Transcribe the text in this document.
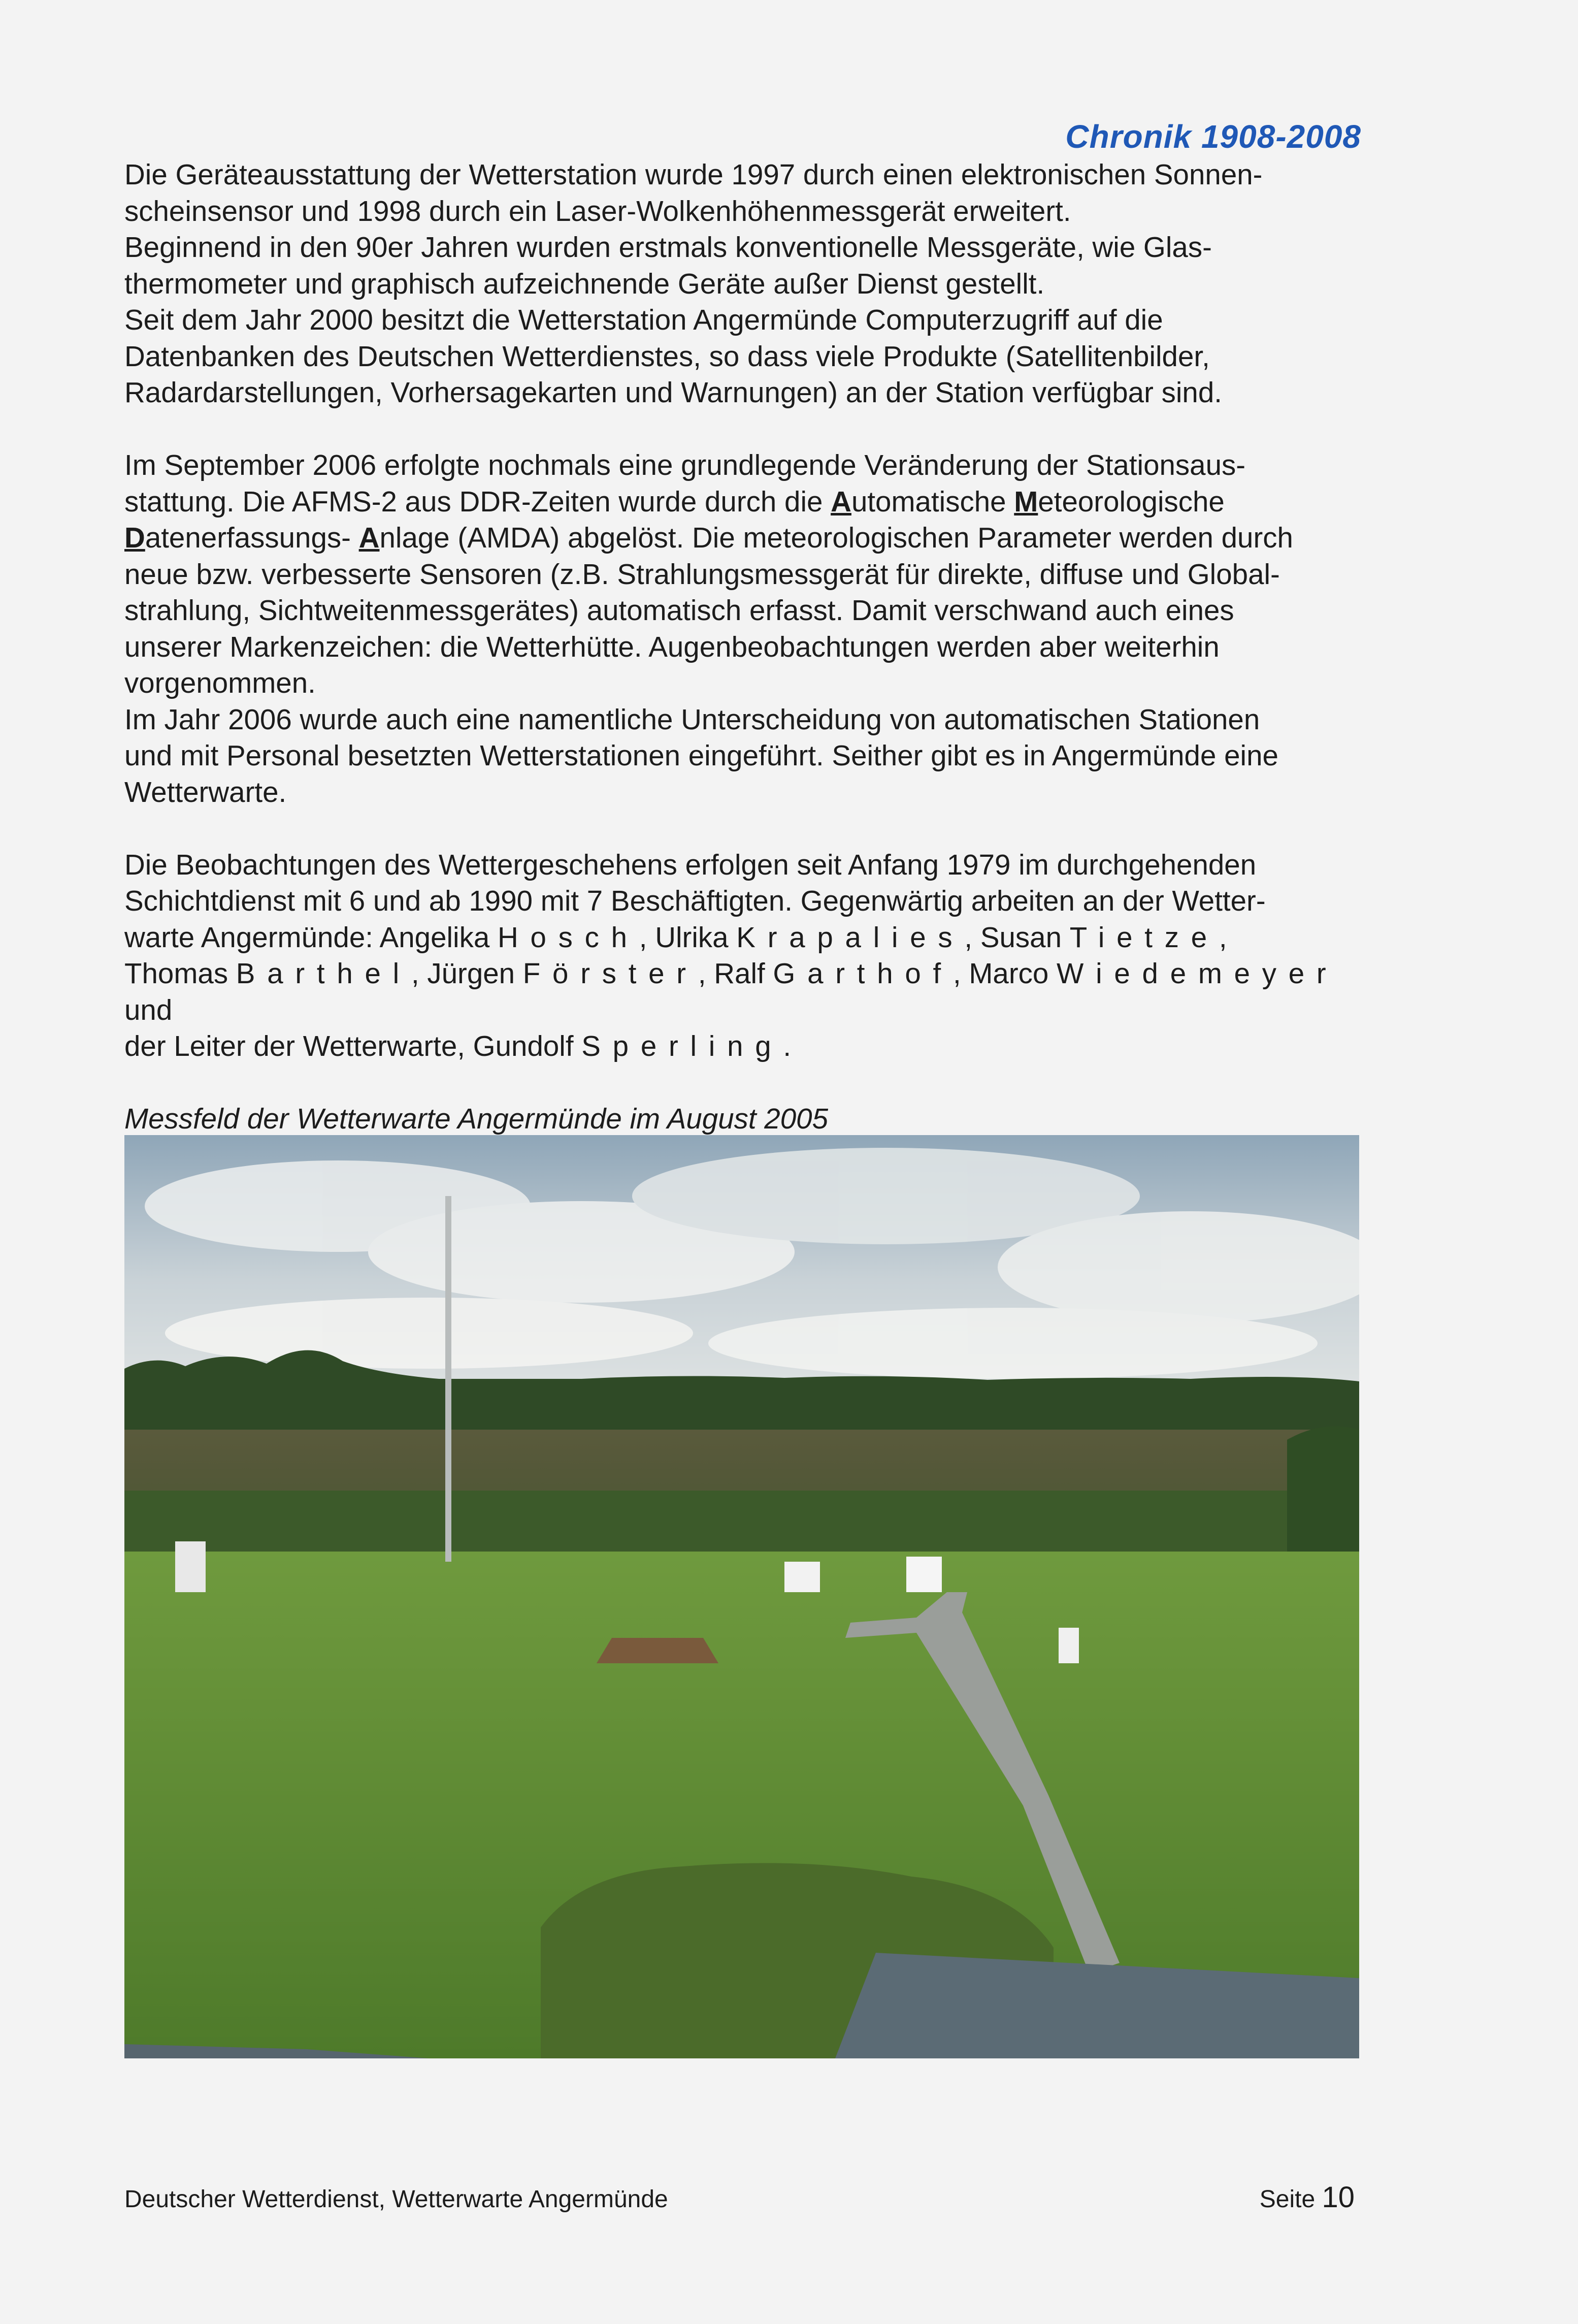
Chronik 1908-2008

Die Geräteausstattung der Wetterstation wurde 1997 durch einen elektronischen Sonnen-

scheinsensor und 1998 durch ein Laser-Wolkenhöhenmessgerät erweitert.

Beginnend in den 90er Jahren wurden erstmals konventionelle Messgeräte, wie Glas-

thermometer und graphisch aufzeichnende Geräte außer Dienst gestellt.

Seit dem Jahr 2000 besitzt die Wetterstation Angermünde Computerzugriff auf die

Datenbanken des Deutschen Wetterdienstes, so dass viele Produkte (Satellitenbilder,

Radardarstellungen, Vorhersagekarten und Warnungen) an der Station verfügbar sind.

Im September 2006 erfolgte nochmals eine grundlegende Veränderung der Stationsaus-

stattung. Die AFMS-2 aus DDR-Zeiten wurde durch die Automatische Meteorologische

Datenerfassungs- Anlage (AMDA) abgelöst. Die meteorologischen Parameter werden durch

neue bzw. verbesserte Sensoren (z.B. Strahlungsmessgerät für direkte, diffuse und Global-

strahlung, Sichtweitenmessgerätes) automatisch erfasst. Damit verschwand auch eines

unserer Markenzeichen: die Wetterhütte. Augenbeobachtungen werden aber weiterhin

vorgenommen.

Im Jahr 2006 wurde auch eine namentliche Unterscheidung von automatischen Stationen

und mit Personal besetzten Wetterstationen eingeführt. Seither gibt es in Angermünde eine

Wetterwarte.

Die Beobachtungen des Wettergeschehens erfolgen seit Anfang 1979 im durchgehenden

Schichtdienst mit 6 und ab 1990 mit 7 Beschäftigten. Gegenwärtig arbeiten an der Wetter-

warte Angermünde: Angelika Hosch, Ulrika Krapalies, Susan Tietze,

Thomas Barthel, Jürgen Förster, Ralf Garthof, Marco Wiedemeyer und

der Leiter der Wetterwarte, Gundolf Sperling.

Messfeld der Wetterwarte Angermünde im August 2005

Deutscher Wetterdienst, Wetterwarte Angermünde	Seite 10
